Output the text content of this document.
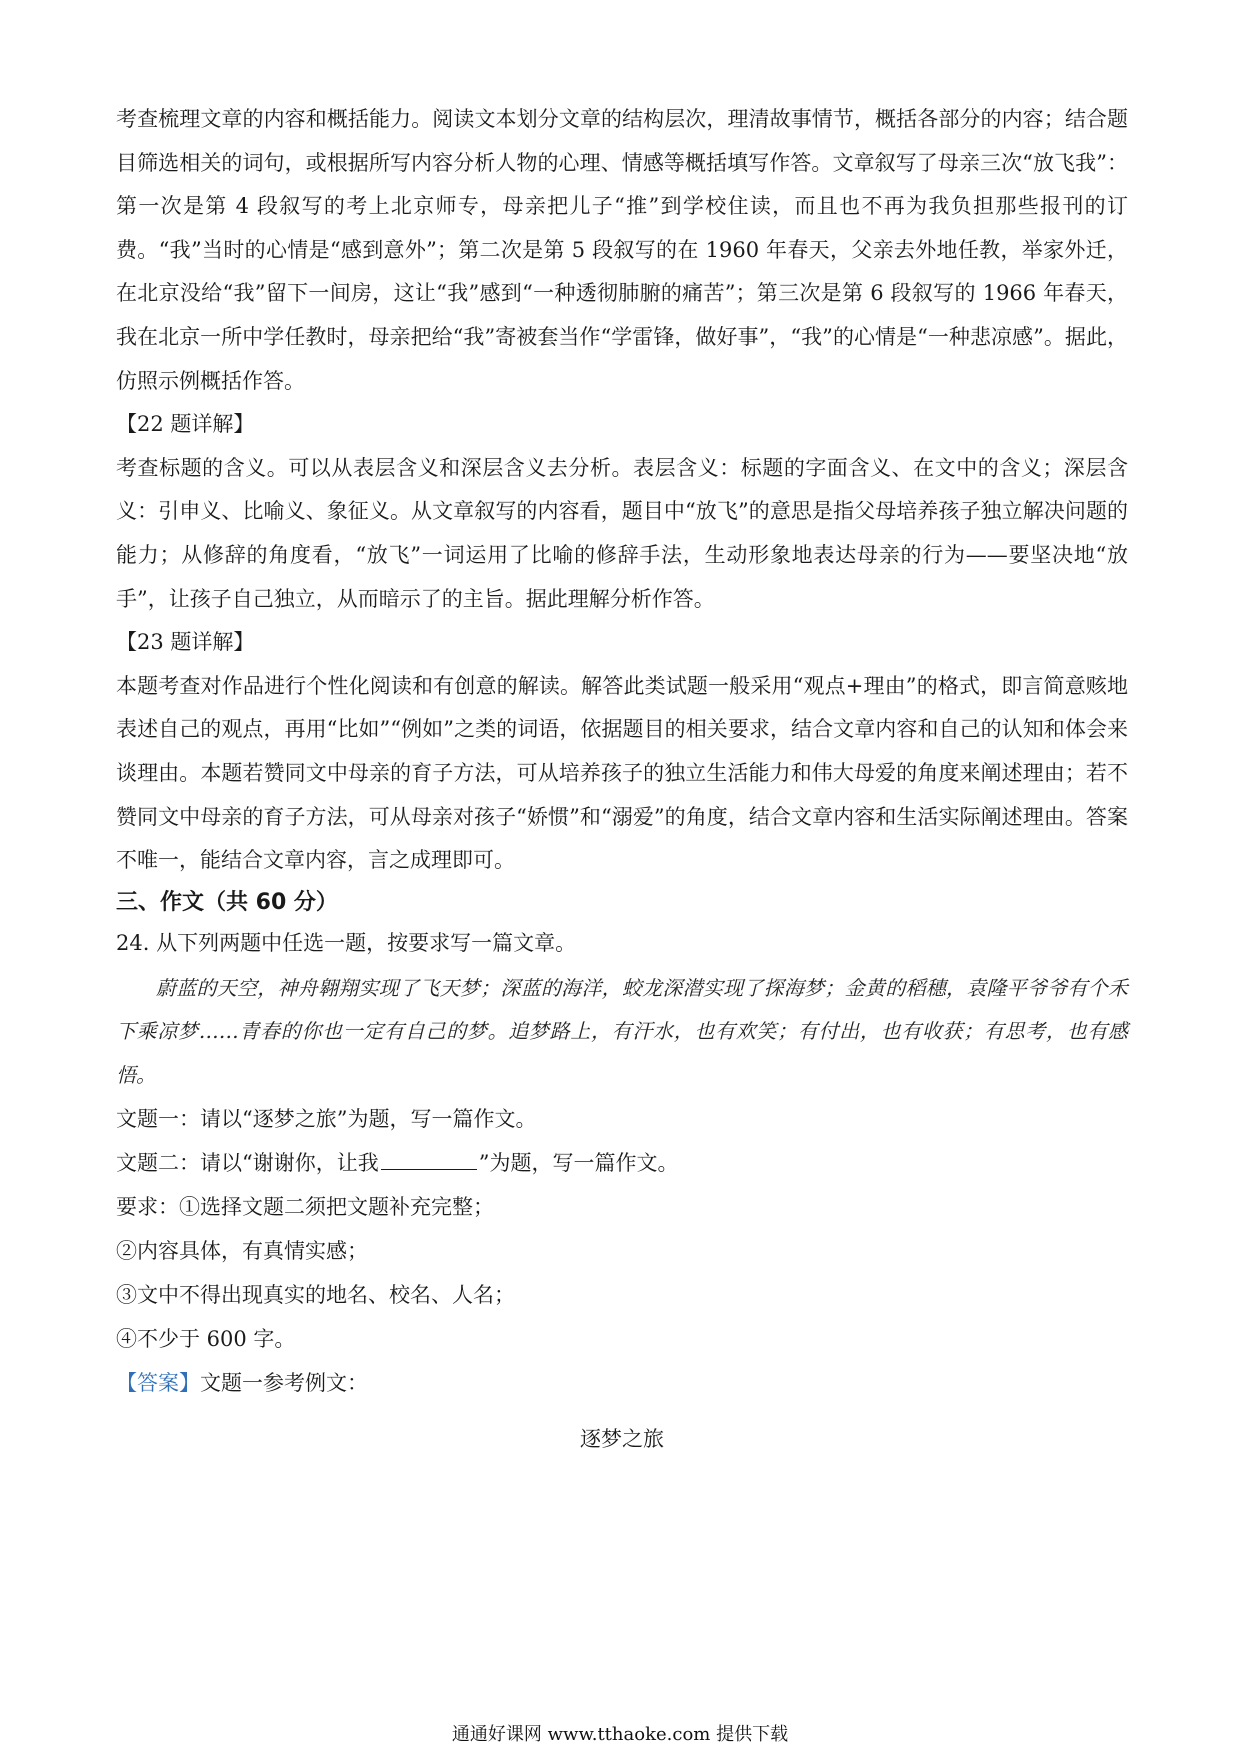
考查梳理文章的内容和概括能力。阅读文本划分文章的结构层次，理清故事情节，概括各部分的内容；结合题目筛选相关的词句，或根据所写内容分析人物的心理、情感等概括填写作答。文章叙写了母亲三次“放飞我”：第一次是第 4 段叙写的考上北京师专，母亲把儿子“推”到学校住读，而且也不再为我负担那些报刊的订费。“我”当时的心情是“感到意外”；第二次是第 5 段叙写的在 1960 年春天，父亲去外地任教，举家外迁，在北京没给“我”留下一间房，这让“我”感到“一种透彻肺腑的痛苦”；第三次是第 6 段叙写的 1966 年春天，我在北京一所中学任教时，母亲把给“我”寄被套当作“学雷锋，做好事”，“我”的心情是“一种悲凉感”。据此，仿照示例概括作答。

【22 题详解】

考查标题的含义。可以从表层含义和深层含义去分析。表层含义：标题的字面含义、在文中的含义；深层含义：引申义、比喻义、象征义。从文章叙写的内容看，题目中“放飞”的意思是指父母培养孩子独立解决问题的能力；从修辞的角度看，“放飞”一词运用了比喻的修辞手法，生动形象地表达母亲的行为——要坚决地“放手”，让孩子自己独立，从而暗示了的主旨。据此理解分析作答。

【23 题详解】

本题考查对作品进行个性化阅读和有创意的解读。解答此类试题一般采用“观点+理由”的格式，即言简意赅地表述自己的观点，再用“比如”“例如”之类的词语，依据题目的相关要求，结合文章内容和自己的认知和体会来谈理由。本题若赞同文中母亲的育子方法，可从培养孩子的独立生活能力和伟大母爱的角度来阐述理由；若不赞同文中母亲的育子方法，可从母亲对孩子“娇惯”和“溺爱”的角度，结合文章内容和生活实际阐述理由。答案不唯一，能结合文章内容，言之成理即可。

三、作文（共 60 分）

24. 从下列两题中任选一题，按要求写一篇文章。

蔚蓝的天空，神舟翱翔实现了飞天梦；深蓝的海洋，蛟龙深潜实现了探海梦；金黄的稻穗，袁隆平爷爷有个禾下乘凉梦……青春的你也一定有自己的梦。追梦路上，有汗水，也有欢笑；有付出，也有收获；有思考，也有感悟。

文题一：请以“逐梦之旅”为题，写一篇作文。

文题二：请以“谢谢你，让我	”为题，写一篇作文。

要求：①选择文题二须把文题补充完整；

②内容具体，有真情实感；

③文中不得出现真实的地名、校名、人名；

④不少于 600 字。

【答案】文题一参考例文：

逐梦之旅

通通好课网 www.tthaoke.com 提供下载
